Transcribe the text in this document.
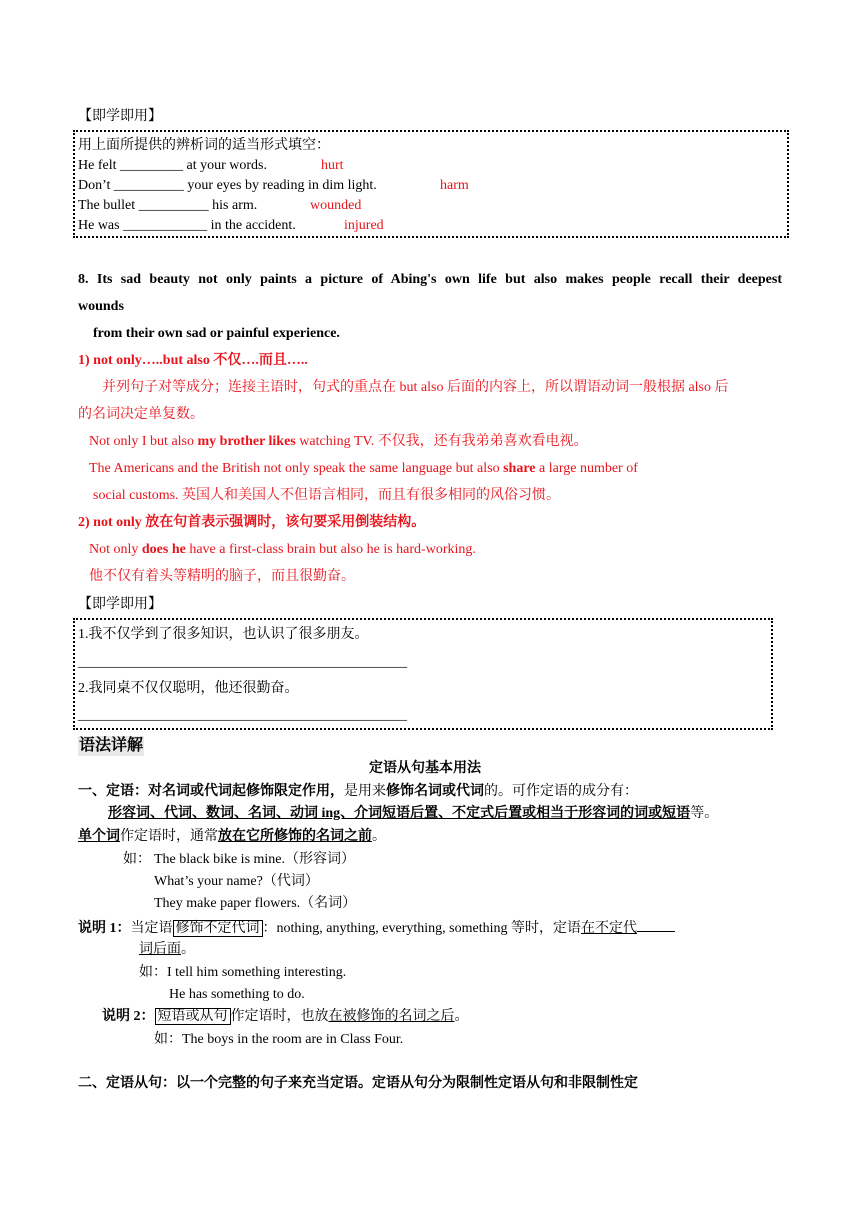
【即学即用】
用上面所提供的辨析词的适当形式填空：
He felt _________ at your words.	hurt
Don’t __________ your eyes by reading in dim light.	harm
The bullet __________ his arm.	wounded
He was ____________ in the accident.	injured
8. Its sad beauty not only paints a picture of Abing's own life but also makes people recall their deepest
wounds
from their own sad or painful experience.
1) not only…..but also 不仅….而且…..
并列句子对等成分；连接主语时，句式的重点在 but also 后面的内容上，所以谓语动词一般根据 also 后
的名词决定单复数。
Not only I but also my brother likes watching TV. 不仅我，还有我弟弟喜欢看电视。
The Americans and the British not only speak the same language but also share a large number of
social customs. 英国人和美国人不但语言相同，而且有很多相同的风俗习惯。
2) not only 放在句首表示强调时，该句要采用倒装结构。
Not only does he have a first-class brain but also he is hard-working.
他不仅有着头等精明的脑子，而且很勤奋。
【即学即用】
1.我不仅学到了很多知识，也认识了很多朋友。
_______________________________________________
2.我同桌不仅仅聪明，他还很勤奋。
_______________________________________________
语法详解
定语从句基本用法
一、定语：对名词或代词起修饰限定作用，是用来修饰名词或代词的。可作定语的成分有：
形容词、代词、数词、名词、动词 ing、介词短语后置、不定式后置或相当于形容词的词或短语等。
单个词作定语时，通常放在它所修饰的名词之前。
如： The black bike is mine.（形容词）
What’s your name?（代词）
They make paper flowers.（名词）
说明 1：当定语 修饰不定代词 ：nothing, anything, everything, something 等时，定语在不定代
词后面。
如：I tell him something interesting.
He has something to do.
说明 2： 短语或从句 作定语时，也放在被修饰的名词之后。
如：The boys in the room are in Class Four.
二、定语从句：以一个完整的句子来充当定语。定语从句分为限制性定语从句和非限制性定
